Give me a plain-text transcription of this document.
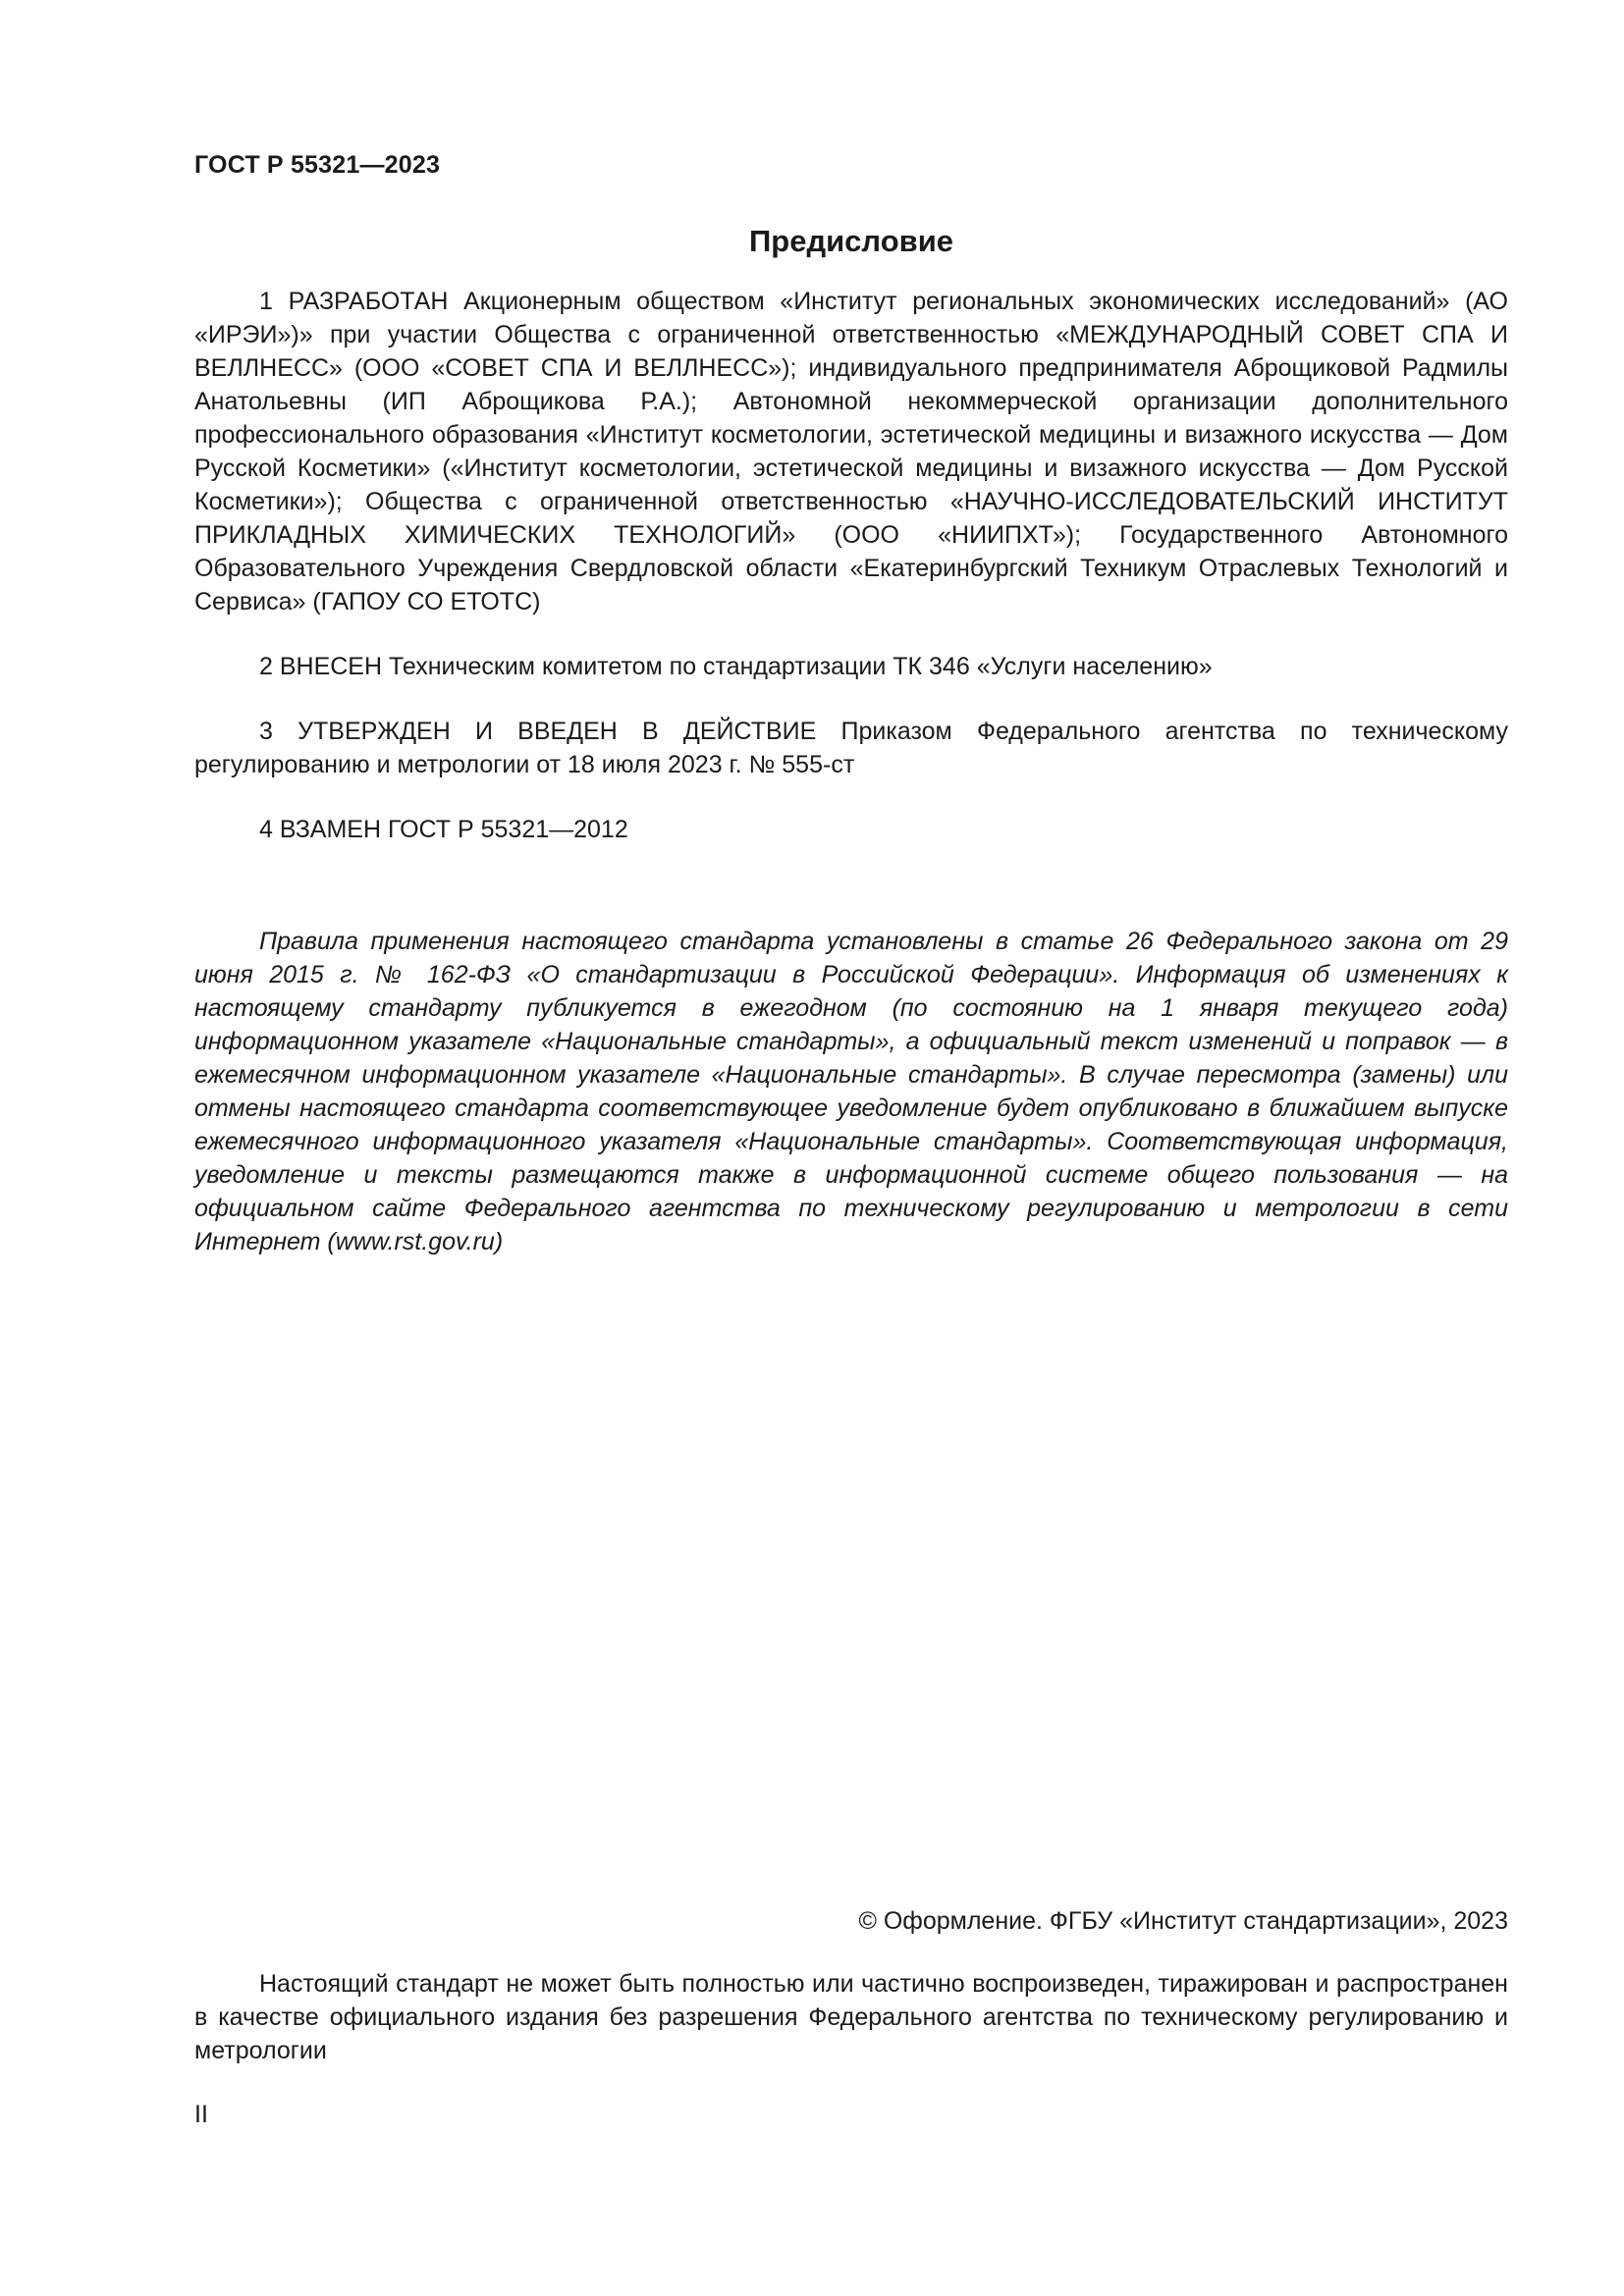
ГОСТ Р 55321—2023
Предисловие

1 РАЗРАБОТАН Акционерным обществом «Институт региональных экономических исследований» (АО «ИРЭИ»)» при участии Общества с ограниченной ответственностью «МЕЖДУНАРОДНЫЙ СОВЕТ СПА И ВЕЛЛНЕСС» (ООО «СОВЕТ СПА И ВЕЛЛНЕСС»); индивидуального предпринимателя Аброщиковой Радмилы Анатольевны (ИП Аброщикова Р.А.); Автономной некоммерческой организации дополнительного профессионального образования «Институт косметологии, эстетической медицины и визажного искусства — Дом Русской Косметики» («Институт косметологии, эстетической медицины и визажного искусства — Дом Русской Косметики»); Общества с ограниченной ответственностью «НАУЧНО-ИССЛЕДОВАТЕЛЬСКИЙ ИНСТИТУТ ПРИКЛАДНЫХ ХИМИЧЕСКИХ ТЕХНОЛОГИЙ» (ООО «НИИПХТ»); Государственного Автономного Образовательного Учреждения Свердловской области «Екатеринбургский Техникум Отраслевых Технологий и Сервиса» (ГАПОУ СО ЕТОТС)

2 ВНЕСЕН Техническим комитетом по стандартизации ТК 346 «Услуги населению»

3 УТВЕРЖДЕН И ВВЕДЕН В ДЕЙСТВИЕ Приказом Федерального агентства по техническому регулированию и метрологии от 18 июля 2023 г. № 555-ст

4 ВЗАМЕН ГОСТ Р 55321—2012

Правила применения настоящего стандарта установлены в статье 26 Федерального закона от 29 июня 2015 г. № 162-ФЗ «О стандартизации в Российской Федерации». Информация об изменениях к настоящему стандарту публикуется в ежегодном (по состоянию на 1 января текущего года) информационном указателе «Национальные стандарты», а официальный текст изменений и поправок — в ежемесячном информационном указателе «Национальные стандарты». В случае пересмотра (замены) или отмены настоящего стандарта соответствующее уведомление будет опубликовано в ближайшем выпуске ежемесячного информационного указателя «Национальные стандарты». Соответствующая информация, уведомление и тексты размещаются также в информационной системе общего пользования — на официальном сайте Федерального агентства по техническому регулированию и метрологии в сети Интернет (www.rst.gov.ru)

© Оформление. ФГБУ «Институт стандартизации», 2023
Настоящий стандарт не может быть полностью или частично воспроизведен, тиражирован и распространен в качестве официального издания без разрешения Федерального агентства по техническому регулированию и метрологии
II
